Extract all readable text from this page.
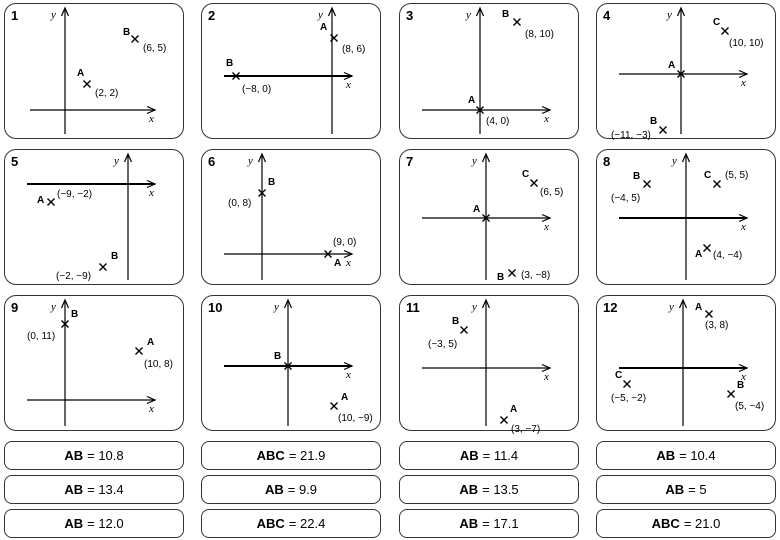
1	y
x
A
(2, 2)
B
(6, 5)
2	y
x
A
(8, 6)
B
(−8, 0)
3	y
x
A
(4, 0)
B
(8, 10)
4	y
x
A
B
(−11, −3)
C
(10, 10)
5	y
x
A
(−9, −2)
B
(−2, −9)
6	y
x
A
(9, 0)
B
(0, 8)
7	y
x
A
B (3, −8)
C
(6, 5)
8	y
x
A (4, −4)
B
(−4, 5)
C (5, 5)
9	y
x
A
(10, 8)
B
(0, 11)
10	y
x
A
(10, −9)
B
11	y
x
A
(3, −7)
B
(−3, 5)
12	y
x
A
(3, 8)
B
(5, −4)
C
(−5, −2)
AB = 10.8	ABC = 21.9	AB = 11.4	AB = 10.4
AB = 13.4	AB = 9.9	AB = 13.5	AB = 5
AB = 12.0	ABC = 22.4	AB = 17.1	ABC = 21.0
